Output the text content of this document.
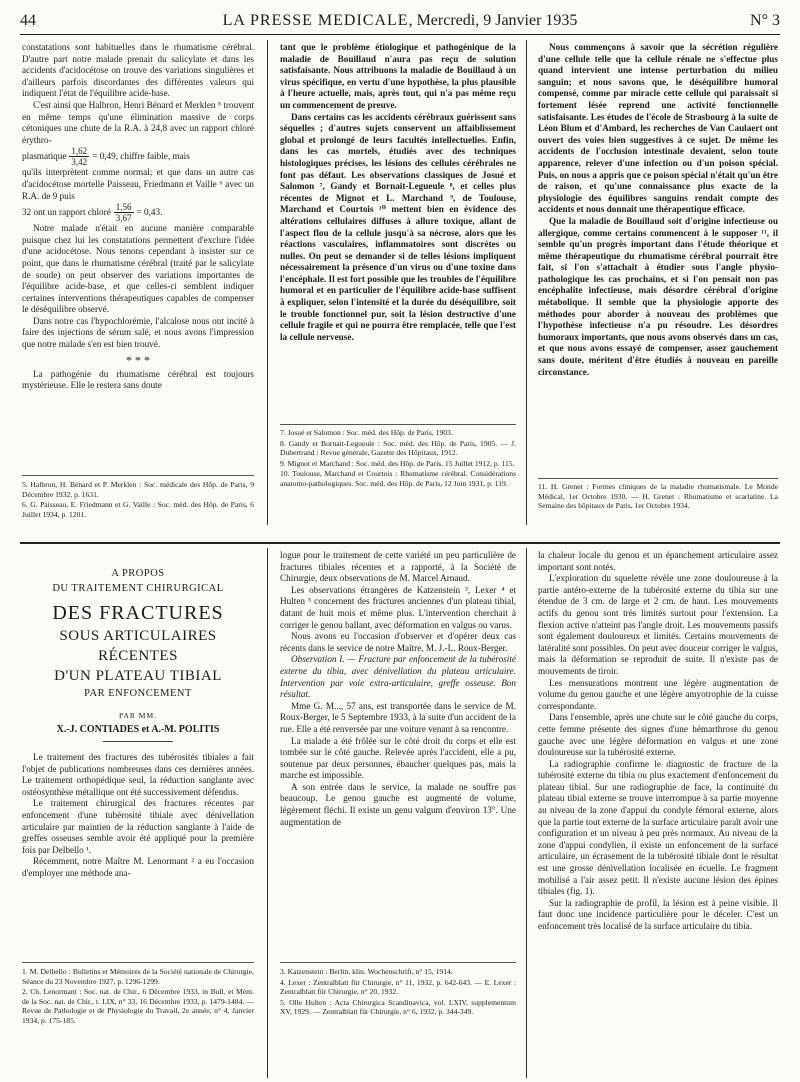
44	LA PRESSE MEDICALE, Mercredi, 9 Janvier 1935	N° 3

constatations sont habituelles dans le rhumatisme cérébral. D'autre part notre malade prenait du salicylate et dans les accidents d'acidocétose on trouve des variations singulières et d'ailleurs parfois discordantes des différentes valeurs qui indiquent l'état de l'équilibre acide-base.

C'est ainsi que Halbron, Henri Bénard et Merklen ⁵ trouvent en même temps qu'une élimination massive de corps cétoniques une chute de la R.A. à 24,8 avec un rapport chloré érythro-

plasmatique $\frac{1,62}{3,42} = 0,49$, chiffre faible, mais

qu'ils interprètent comme normal; et que dans un autre cas d'acidocétose mortelle Paisseau, Friedmann et Vaille ⁶ avec un R.A. de 9 puis

32 ont un rapport chloré $\frac{1,56}{3,67} = 0,43$.

Notre malade n'était en aucune manière comparable puisque chez lui les constatations permettent d'exclure l'idée d'une acidocétose. Nous tenons cependant à insister sur ce point, que dans le rhumatisme cérébral (traité par le salicylate de soude) on peut observer des variations importantes de l'équilibre acide-base, et que celles-ci semblent indiquer certaines interventions thérapeutiques capables de compenser le déséquilibre observé.

Dans notre cas l'hypochlorémie, l'alcalose nous ont incité à faire des injections de sérum salé, et nous avons l'impression que notre malade s'en est bien trouvé.

* * *

La pathogénie du rhumatisme cérébral est toujours mystérieuse. Elle le restera sans doute

5. Halbron, H. Bénard et P. Merklen : Soc. médicale des Hôp. de Paris, 9 Décembre 1932, p. 1631.

6. G. Paisseau, E. Friedmann et G. Vaille : Soc. méd. des Hôp. de Paris, 6 Juillet 1934, p. 1201.

tant que le problème étiologique et pathogénique de la maladie de Bouillaud n'aura pas reçu de solution satisfaisante. Nous attribuons la maladie de Bouillaud à un virus spécifique, en vertu d'une hypothèse, la plus plausible à l'heure actuelle, mais, après tout, qui n'a pas même reçu un commencement de preuve.

Dans certains cas les accidents cérébraux guérissent sans séquelles ; d'autres sujets conservent un affaiblissement global et prolongé de leurs facultés intellectuelles. Enfin, dans les cas mortels, étudiés avec des techniques histologiques précises, les lésions des cellules cérébrales ne font pas défaut. Les observations classiques de Josué et Salomon ⁷, Gandy et Bornait-Legueule ⁸, et celles plus récentes de Mignot et L. Marchand ⁹, de Toulouse, Marchand et Courtois ¹⁰ mettent bien en évidence des altérations cellulaires diffuses à allure toxique, allant de l'aspect flou de la cellule jusqu'à sa nécrose, alors que les réactions vasculaires, inflammatoires sont discrètes ou nulles. On peut se demander si de telles lésions impliquent nécessairement la présence d'un virus ou d'une toxine dans l'encéphale. Il est fort possible que les troubles de l'équilibre humoral et en particulier de l'équilibre acide-base suffisent à expliquer, selon l'intensité et la durée du déséquilibre, soit le trouble fonctionnel pur, soit la lésion destructive d'une cellule fragile et qui ne pourra être remplacée, telle que l'est la cellule nerveuse.

7. Josué et Salomon : Soc. méd. des Hôp. de Paris, 1903.

8. Gandy et Bornait-Legueule : Soc. méd. des Hôp. de Paris, 1905. — J. Dubertrand : Revue générale, Gazette des Hôpitaux, 1912.

9. Mignot et Marchand : Soc. méd. des Hôp. de Paris, 15 Juillet 1912, p. 115.

10. Toulouse, Marchand et Courtois : Rhumatisme cérébral. Considérations anatomo-pathologiques. Soc. méd. des Hôp. de Paris, 12 Juin 1931, p. 119.

Nous commençons à savoir que la sécrétion régulière d'une cellule telle que la cellule rénale ne s'effectue plus quand intervient une intense perturbation du milieu sanguin; et nous savons que, le déséquilibre humoral compensé, comme par miracle cette cellule qui paraissait si fortement lésée reprend une activité fonctionnelle satisfaisante. Les études de l'école de Strasbourg à la suite de Léon Blum et d'Ambard, les recherches de Van Caulaert ont ouvert des voies bien suggestives à ce sujet. De même les accidents de l'occlusion intestinale devaient, selon toute apparence, relever d'une infection ou d'un poison spécial. Puis, on nous a appris que ce poison spécial n'était qu'un être de raison, et qu'une connaissance plus exacte de la physiologie des équilibres sanguins rendait compte des accidents et nous donnait une thérapeutique efficace.

Que la maladie de Bouillaud soit d'origine infectieuse ou allergique, comme certains commencent à le supposer ¹¹, il semble qu'un progrès important dans l'étude théorique et même thérapeutique du rhumatisme cérébral pourrait être fait, si l'on s'attachait à étudier sous l'angle physio-pathologique les cas prochains, et si l'on pensait non pas encéphalite infectieuse, mais désordre cérébral d'origine métabolique. Il semble que la physiologie apporte des méthodes pour aborder à nouveau des problèmes que l'hypothèse infectieuse n'a pu résoudre. Les désordres humoraux importants, que nous avons observés dans un cas, et que nous avons essayé de compenser, assez gauchement sans doute, méritent d'être étudiés à nouveau en pareille circonstance.

11. H. Grenet : Formes cliniques de la maladie rhumatismale. Le Monde Médical, 1er Octobre 1930. — H. Grenet : Rhumatisme et scarlatine. La Semaine des hôpitaux de Paris, 1er Octobre 1934.

A PROPOS
DU TRAITEMENT CHIRURGICAL
DES FRACTURES
SOUS ARTICULAIRES RÉCENTES
D'UN PLATEAU TIBIAL
PAR ENFONCEMENT
PAR MM.
X.-J. CONTIADES et A.-M. POLITIS

Le traitement des fractures des tubérosités tibiales a fait l'objet de publications nombreuses dans ces dernières années. Le traitement orthopédique seul, la réduction sanglante avec ostéosynthèse métallique ont été successivement défendus.

Le traitement chirurgical des fractures récentes par enfoncement d'une tubérosité tibiale avec dénivellation articulaire par maintien de la réduction sanglante à l'aide de greffes osseuses semble avoir été appliqué pour la première fois par Delbello ¹.

Récemment, notre Maître M. Lenormant ² a eu l'occasion d'employer une méthode ana-

1. M. Delbello : Bulletins et Mémoires de la Société nationale de Chirurgie, Séance du 23 Novembre 1927, p. 1296-1299.

2. Ch. Lenormant : Soc. nat. de Chir., 6 Décembre 1933, in Bull. et Mém. de la Soc. nat. de Chir., t. LIX, n° 33, 16 Décembre 1933, p. 1479-1484. — Revue de Pathologie et de Physiologie du Travail, 2e année, n° 4, Janvier 1934, p. 175-185.

logue pour le traitement de cette variété un peu particulière de fractures tibiales récentes et a rapporté, à la Société de Chirurgie, deux observations de M. Marcel Arnaud.

Les observations étrangères de Katzenstein ³, Lexer ⁴ et Hulten ⁵ concernent des fractures anciennes d'un plateau tibial, datant de huit mois et même plus. L'intervention cherchait à corriger le genou ballant, avec déformation en valgus ou varus.

Nous avons eu l'occasion d'observer et d'opérer deux cas récents dans le service de notre Maître, M. J.-L. Roux-Berger.

Observation I. — Fracture par enfoncement de la tubérosité externe du tibia, avec dénivellation du plateau articulaire. Intervention par voie extra-articulaire, greffe osseuse. Bon résultat.

Mme G. M..., 57 ans, est transportée dans le service de M. Roux-Berger, le 5 Septembre 1933, à la suite d'un accident de la rue. Elle a été renversée par une voiture venant à sa rencontre.

La malade a été frôlée sur le côté droit du corps et elle est tombée sur le côté gauche. Relevée après l'accident, elle a pu, soutenue par deux personnes, ébaucher quelques pas, mais la marche est impossible.

A son entrée dans le service, la malade ne souffre pas beaucoup. Le genou gauche est augmenté de volume, légèrement fléchi. Il existe un genu valgum d'environ 13°. Une augmentation de

3. Katzenstein : Berlin. klin. Wochenschrift, n° 15, 1914.

4. Lexer : Zentralblatt für Chirurgie, n° 11, 1932, p. 642-643. — E. Lexer : Zentralblatt für Chirurgie, n° 20, 1932.

5. Olle Hulten : Acta Chirurgica Scandinavica, vol. LXIV, supplementum XV, 1929. — Zentralblatt für Chirurgie, n° 6, 1932, p. 344-349.

la chaleur locale du genou et un épanchement articulaire assez important sont notés.

L'exploration du squelette révèle une zone douloureuse à la partie antéro-externe de la tubérosité externe du tibia sur une étendue de 3 cm. de large et 2 cm. de haut. Les mouvements actifs du genou sont très limités surtout pour l'extension. La flexion active n'atteint pas l'angle droit. Les mouvements passifs sont également douloureux et limités. Certains mouvements de latéralité sont possibles. On peut avec douceur corriger le valgus, mais la déformation se reproduit de suite. Il n'existe pas de mouvements de tiroir.

Les mensurations montrent une légère augmentation de volume du genou gauche et une légère amyotrophie de la cuisse correspondante.

Dans l'ensemble, après une chute sur le côté gauche du corps, cette femme présente des signes d'une hémarthrose du genou gauche avec une légère déformation en valgus et une zone douloureuse sur la tubérosité externe.

La radiographie confirme le diagnostic de fracture de la tubérosité externe du tibia ou plus exactement d'enfoncement du plateau tibial. Sur une radiographie de face, la continuité du plateau tibial externe se trouve interrompue à sa partie moyenne au niveau de la zone d'appui du condyle fémoral externe, alors que la partie tout externe de la surface articulaire paraît avoir une configuration et un niveau à peu près normaux. Au niveau de la zone d'appui condylien, il existe un enfoncement de la surface articulaire, un écrasement de la tubérosité tibiale dont le résultat est une grosse dénivellation localisée en écuelle. Le fragment mobilisé a l'air assez petit. Il n'existe aucune lésion des épines tibiales (fig. 1).

Sur la radiographie de profil, la lésion est à peine visible. Il faut donc une incidence particulière pour le déceler. C'est un enfoncement très localisé de la surface articulaire du tibia.
